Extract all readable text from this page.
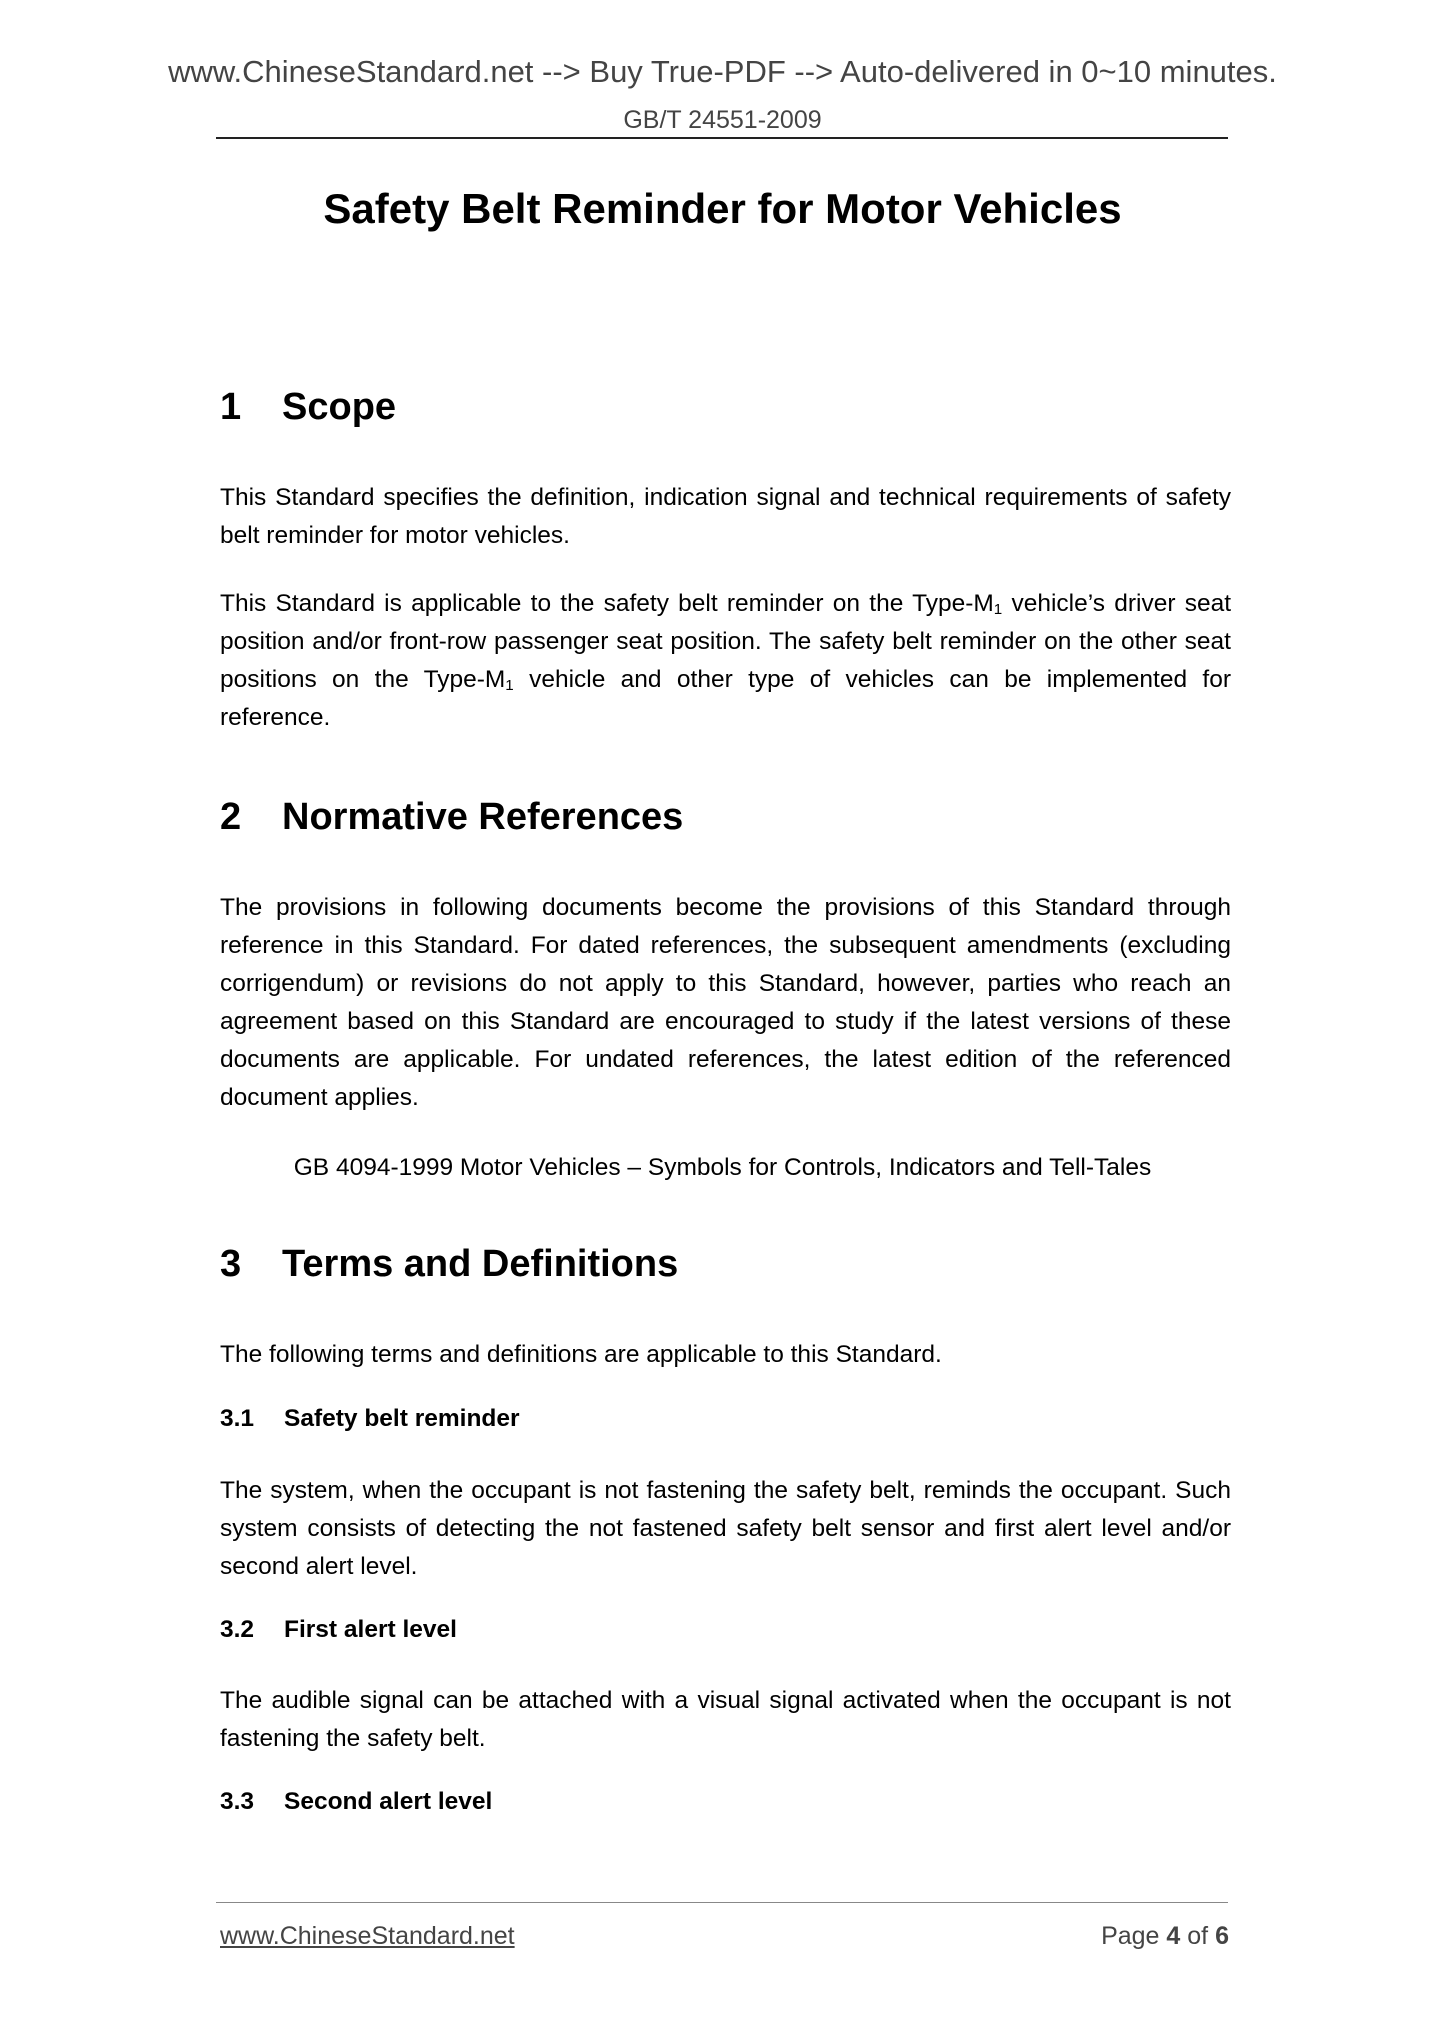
www.ChineseStandard.net --> Buy True-PDF --> Auto-delivered in 0~10 minutes.
GB/T 24551-2009
Safety Belt Reminder for Motor Vehicles
1 Scope

This Standard specifies the definition, indication signal and technical requirements of safety belt reminder for motor vehicles.

This Standard is applicable to the safety belt reminder on the Type-$M_1$ vehicle’s driver seat position and/or front-row passenger seat position. The safety belt reminder on the other seat positions on the Type-$M_1$ vehicle and other type of vehicles can be implemented for reference.

2 Normative References

The provisions in following documents become the provisions of this Standard through reference in this Standard. For dated references, the subsequent amendments (excluding corrigendum) or revisions do not apply to this Standard, however, parties who reach an agreement based on this Standard are encouraged to study if the latest versions of these documents are applicable. For undated references, the latest edition of the referenced document applies.

GB 4094-1999 Motor Vehicles – Symbols for Controls, Indicators and Tell-Tales
3 Terms and Definitions

The following terms and definitions are applicable to this Standard.

3.1 Safety belt reminder

The system, when the occupant is not fastening the safety belt, reminds the occupant. Such system consists of detecting the not fastened safety belt sensor and first alert level and/or second alert level.

3.2 First alert level

The audible signal can be attached with a visual signal activated when the occupant is not fastening the safety belt.

3.3 Second alert level
www.ChineseStandard.net	Page 4 of 6
